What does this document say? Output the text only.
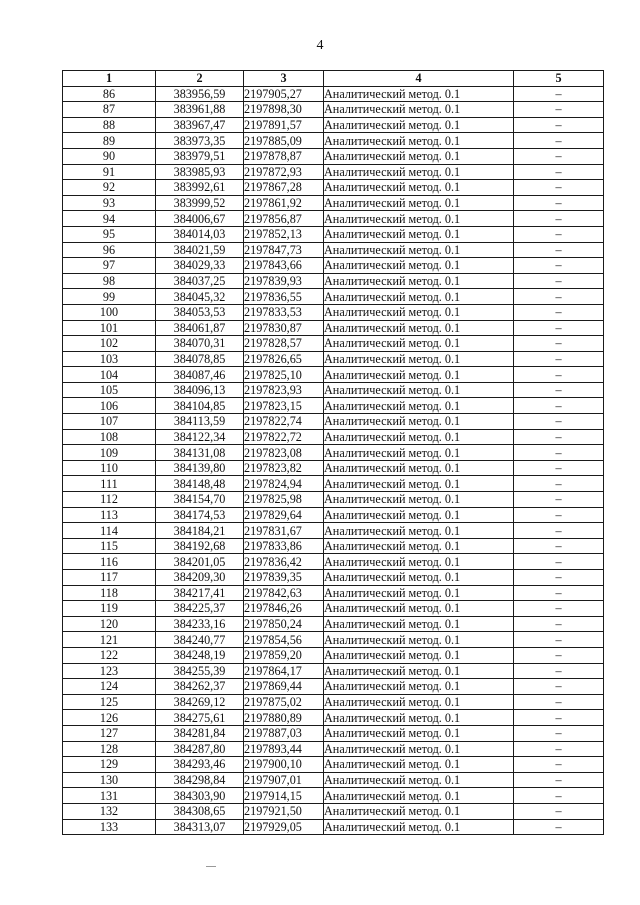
4
1	2	3	4	5
86	383956,59	2197905,27	Аналитический метод. 0.1	–
87	383961,88	2197898,30	Аналитический метод. 0.1	–
88	383967,47	2197891,57	Аналитический метод. 0.1	–
89	383973,35	2197885,09	Аналитический метод. 0.1	–
90	383979,51	2197878,87	Аналитический метод. 0.1	–
91	383985,93	2197872,93	Аналитический метод. 0.1	–
92	383992,61	2197867,28	Аналитический метод. 0.1	–
93	383999,52	2197861,92	Аналитический метод. 0.1	–
94	384006,67	2197856,87	Аналитический метод. 0.1	–
95	384014,03	2197852,13	Аналитический метод. 0.1	–
96	384021,59	2197847,73	Аналитический метод. 0.1	–
97	384029,33	2197843,66	Аналитический метод. 0.1	–
98	384037,25	2197839,93	Аналитический метод. 0.1	–
99	384045,32	2197836,55	Аналитический метод. 0.1	–
100	384053,53	2197833,53	Аналитический метод. 0.1	–
101	384061,87	2197830,87	Аналитический метод. 0.1	–
102	384070,31	2197828,57	Аналитический метод. 0.1	–
103	384078,85	2197826,65	Аналитический метод. 0.1	–
104	384087,46	2197825,10	Аналитический метод. 0.1	–
105	384096,13	2197823,93	Аналитический метод. 0.1	–
106	384104,85	2197823,15	Аналитический метод. 0.1	–
107	384113,59	2197822,74	Аналитический метод. 0.1	–
108	384122,34	2197822,72	Аналитический метод. 0.1	–
109	384131,08	2197823,08	Аналитический метод. 0.1	–
110	384139,80	2197823,82	Аналитический метод. 0.1	–
111	384148,48	2197824,94	Аналитический метод. 0.1	–
112	384154,70	2197825,98	Аналитический метод. 0.1	–
113	384174,53	2197829,64	Аналитический метод. 0.1	–
114	384184,21	2197831,67	Аналитический метод. 0.1	–
115	384192,68	2197833,86	Аналитический метод. 0.1	–
116	384201,05	2197836,42	Аналитический метод. 0.1	–
117	384209,30	2197839,35	Аналитический метод. 0.1	–
118	384217,41	2197842,63	Аналитический метод. 0.1	–
119	384225,37	2197846,26	Аналитический метод. 0.1	–
120	384233,16	2197850,24	Аналитический метод. 0.1	–
121	384240,77	2197854,56	Аналитический метод. 0.1	–
122	384248,19	2197859,20	Аналитический метод. 0.1	–
123	384255,39	2197864,17	Аналитический метод. 0.1	–
124	384262,37	2197869,44	Аналитический метод. 0.1	–
125	384269,12	2197875,02	Аналитический метод. 0.1	–
126	384275,61	2197880,89	Аналитический метод. 0.1	–
127	384281,84	2197887,03	Аналитический метод. 0.1	–
128	384287,80	2197893,44	Аналитический метод. 0.1	–
129	384293,46	2197900,10	Аналитический метод. 0.1	–
130	384298,84	2197907,01	Аналитический метод. 0.1	–
131	384303,90	2197914,15	Аналитический метод. 0.1	–
132	384308,65	2197921,50	Аналитический метод. 0.1	–
133	384313,07	2197929,05	Аналитический метод. 0.1	–
